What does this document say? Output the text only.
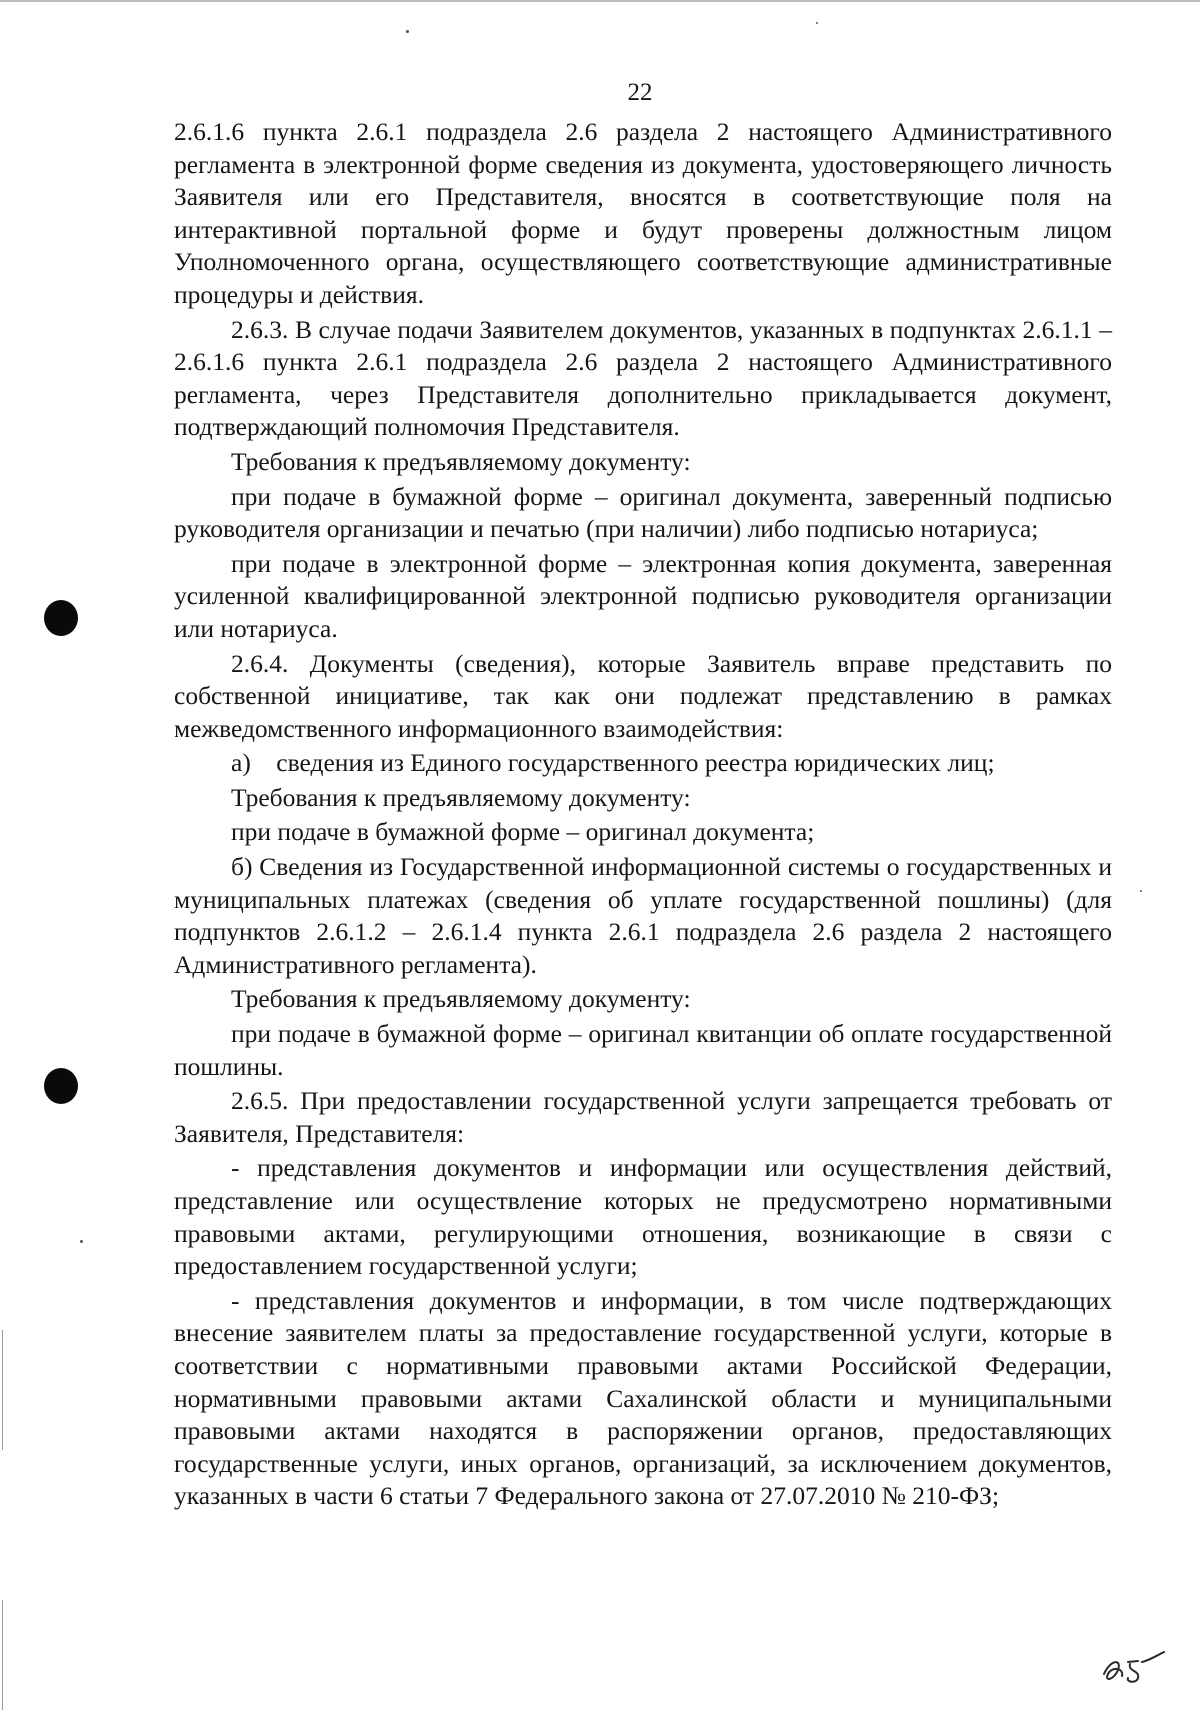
22

2.6.1.6 пункта 2.6.1 подраздела 2.6 раздела 2 настоящего Административного регламента в электронной форме сведения из документа, удостоверяющего личность Заявителя или его Представителя, вносятся в соответствующие поля на интерактивной портальной форме и будут проверены должностным лицом Уполномоченного органа, осуществляющего соответствующие административные процедуры и действия.

2.6.3. В случае подачи Заявителем документов, указанных в подпунктах 2.6.1.1 – 2.6.1.6 пункта 2.6.1 подраздела 2.6 раздела 2 настоящего Административного регламента, через Представителя дополнительно прикладывается документ, подтверждающий полномочия Представителя.

Требования к предъявляемому документу:

при подаче в бумажной форме – оригинал документа, заверенный подписью руководителя организации и печатью (при наличии) либо подписью нотариуса;

при подаче в электронной форме – электронная копия документа, заверенная усиленной квалифицированной электронной подписью руководителя организации или нотариуса.

2.6.4. Документы (сведения), которые Заявитель вправе представить по собственной инициативе, так как они подлежат представлению в рамках межведомственного информационного взаимодействия:

а)    сведения из Единого государственного реестра юридических лиц;

Требования к предъявляемому документу:

при подаче в бумажной форме – оригинал документа;

б) Сведения из Государственной информационной системы о государственных и муниципальных платежах (сведения об уплате государственной пошлины) (для подпунктов 2.6.1.2 – 2.6.1.4 пункта 2.6.1 подраздела 2.6 раздела 2 настоящего Административного регламента).

Требования к предъявляемому документу:

при подаче в бумажной форме – оригинал квитанции об оплате государственной пошлины.

2.6.5. При предоставлении государственной услуги запрещается требовать от Заявителя, Представителя:

- представления документов и информации или осуществления действий, представление или осуществление которых не предусмотрено нормативными правовыми актами, регулирующими отношения, возникающие в связи с предоставлением государственной услуги;

- представления документов и информации, в том числе подтверждающих внесение заявителем платы за предоставление государственной услуги, которые в соответствии с нормативными правовыми актами Российской Федерации, нормативными правовыми актами Сахалинской области и муниципальными правовыми актами находятся в распоряжении органов, предоставляющих государственные услуги, иных органов, организаций, за исключением документов, указанных в части 6 статьи 7 Федерального закона от 27.07.2010 № 210-ФЗ;
